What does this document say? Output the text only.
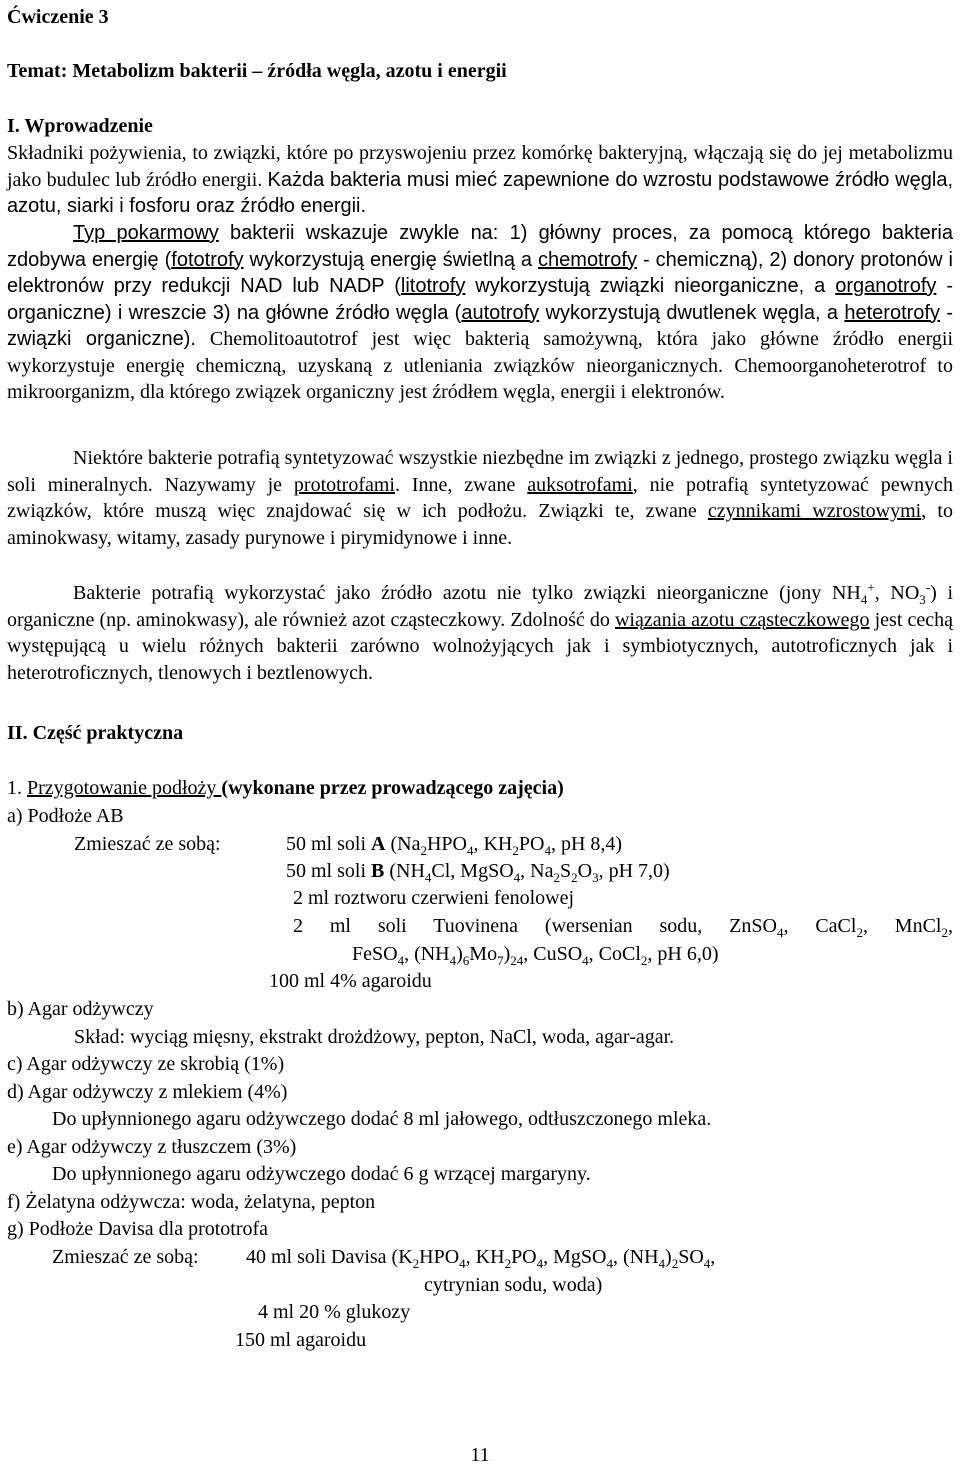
Ćwiczenie 3
Temat: Metabolizm bakterii – źródła węgla, azotu i energii
I. Wprowadzenie
Składniki pożywienia, to związki, które po przyswojeniu przez komórkę bakteryjną, włączają się do jej metabolizmu jako budulec lub źródło energii. Każda bakteria musi mieć zapewnione do wzrostu podstawowe źródło węgla, azotu, siarki i fosforu oraz źródło energii.
Typ pokarmowy bakterii wskazuje zwykle na: 1) główny proces, za pomocą którego bakteria zdobywa energię (fototrofy wykorzystują energię świetlną a chemotrofy - chemiczną), 2) donory protonów i elektronów przy redukcji NAD lub NADP (litotrofy wykorzystują związki nieorganiczne, a organotrofy - organiczne) i wreszcie 3) na główne źródło węgla (autotrofy wykorzystują dwutlenek węgla, a heterotrofy - związki organiczne). Chemolitoautotrof jest więc bakterią samożywną, która jako główne źródło energii wykorzystuje energię chemiczną, uzyskaną z utleniania związków nieorganicznych. Chemoorganoheterotrof to mikroorganizm, dla którego związek organiczny jest źródłem węgla, energii i elektronów.
Niektóre bakterie potrafią syntetyzować wszystkie niezbędne im związki z jednego, prostego związku węgla i soli mineralnych. Nazywamy je prototrofami. Inne, zwane auksotrofami, nie potrafią syntetyzować pewnych związków, które muszą więc znajdować się w ich podłożu. Związki te, zwane czynnikami wzrostowymi, to aminokwasy, witamy, zasady purynowe i pirymidynowe i inne.
Bakterie potrafią wykorzystać jako źródło azotu nie tylko związki nieorganiczne (jony $NH_4^+$, $NO_3^-$) i organiczne (np. aminokwasy), ale również azot cząsteczkowy. Zdolność do wiązania azotu cząsteczkowego jest cechą występującą u wielu różnych bakterii zarówno wolnożyjących jak i symbiotycznych, autotroficznych jak i heterotroficznych, tlenowych i beztlenowych.
II. Część praktyczna
1. Przygotowanie podłoży (wykonane przez prowadzącego zajęcia)
a) Podłoże AB
Zmieszać ze sobą:	50 ml soli A ($Na_2HPO_4$, $KH_2PO_4$, pH 8,4)
50 ml soli B ($NH_4Cl$, MgSO$_4$, $Na_2S_2O_3$, pH 7,0)
2 ml roztworu czerwieni fenolowej
2 ml soli Tuovinena (wersenian sodu, ZnSO$_4$, CaCl$_2$, MnCl$_2$,
FeSO$_4$, $(NH_4)_6Mo_7)_{24}$, CuSO$_4$, CoCl$_2$, pH 6,0)
100 ml 4% agaroidu
b) Agar odżywczy
Skład: wyciąg mięsny, ekstrakt drożdżowy, pepton, NaCl, woda, agar-agar.
c) Agar odżywczy ze skrobią (1%)
d) Agar odżywczy z mlekiem (4%)
Do upłynnionego agaru odżywczego dodać 8 ml jałowego, odtłuszczonego mleka.
e) Agar odżywczy z tłuszczem (3%)
Do upłynnionego agaru odżywczego dodać 6 g wrzącej margaryny.
f) Żelatyna odżywcza: woda, żelatyna, pepton
g) Podłoże Davisa dla prototrofa
Zmieszać ze sobą: 40 ml soli Davisa ($K_2HPO_4$, $KH_2PO_4$, MgSO$_4$, $(NH_4)_2SO_4$,
cytrynian sodu, woda)
4 ml 20 % glukozy
150 ml agaroidu
11
